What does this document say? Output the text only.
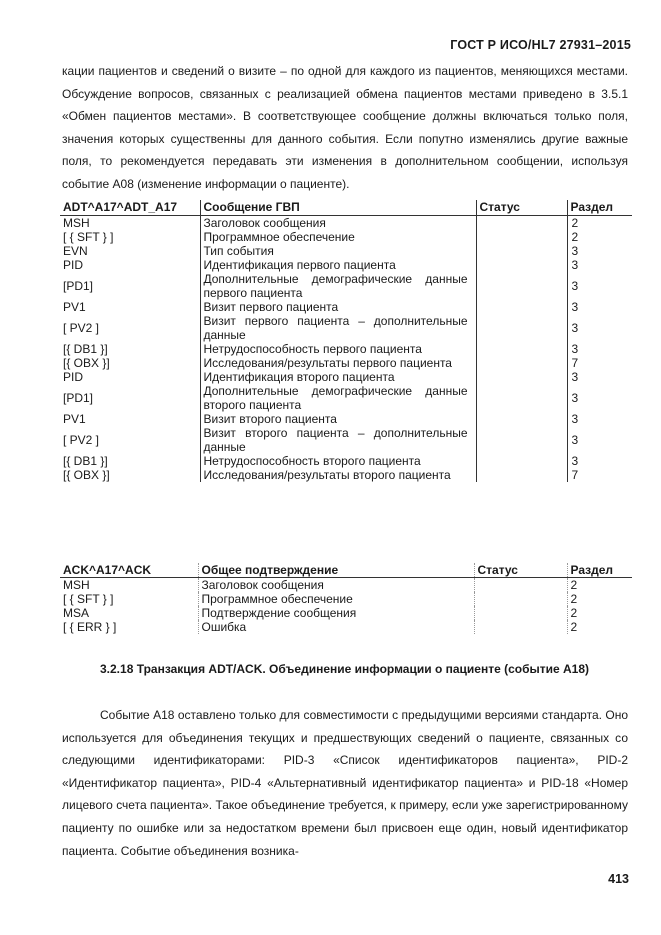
ГОСТ Р ИСО/HL7 27931–2015

кации пациентов и сведений о визите – по одной для каждого из пациентов, меняющихся местами. Обсуждение вопросов, связанных с реализацией обмена пациентов местами приведено в 3.5.1 «Обмен пациентов местами». В соответствующее сообщение должны включаться только поля, значения которых существенны для данного события. Если попутно изменялись другие важные поля, то рекомендуется передавать эти изменения в дополнительном сообщении, используя событие A08 (изменение информации о пациенте).

ADT^A17^ADT_A17	Сообщение ГВП	Статус	Раздел
MSH	Заголовок сообщения		2
[ { SFT } ]	Программное обеспечение		2
EVN	Тип события		3
PID	Идентификация первого пациента		3
[PD1]	Дополнительные демографические данные первого пациента		3
PV1	Визит первого пациента		3
[ PV2 ]	Визит первого пациента – дополнительные данные		3
[{ DB1 }]	Нетрудоспособность первого пациента		3
[{ OBX }]	Исследования/результаты первого пациента		7
PID	Идентификация второго пациента		3
[PD1]	Дополнительные демографические данные второго пациента		3
PV1	Визит второго пациента		3
[ PV2 ]	Визит второго пациента – дополнительные данные		3
[{ DB1 }]	Нетрудоспособность второго пациента		3
[{ OBX }]	Исследования/результаты второго пациента		7
ACK^A17^ACK	Общее подтверждение	Статус	Раздел
MSH	Заголовок сообщения		2
[ { SFT } ]	Программное обеспечение		2
MSA	Подтверждение сообщения		2
[ { ERR } ]	Ошибка		2
3.2.18 Транзакция ADT/ACK. Объединение информации о пациенте (событие A18)

Событие A18 оставлено только для совместимости с предыдущими версиями стандарта. Оно используется для объединения текущих и предшествующих сведений о пациенте, связанных со следующими идентификаторами: PID-3 «Список идентификаторов пациента», PID-2 «Идентификатор пациента», PID-4 «Альтернативный идентификатор пациента» и PID-18 «Номер лицевого счета пациента». Такое объединение требуется, к примеру, если уже зарегистрированному пациенту по ошибке или за недостатком времени был присвоен еще один, новый идентификатор пациента. Событие объединения возника-

413
